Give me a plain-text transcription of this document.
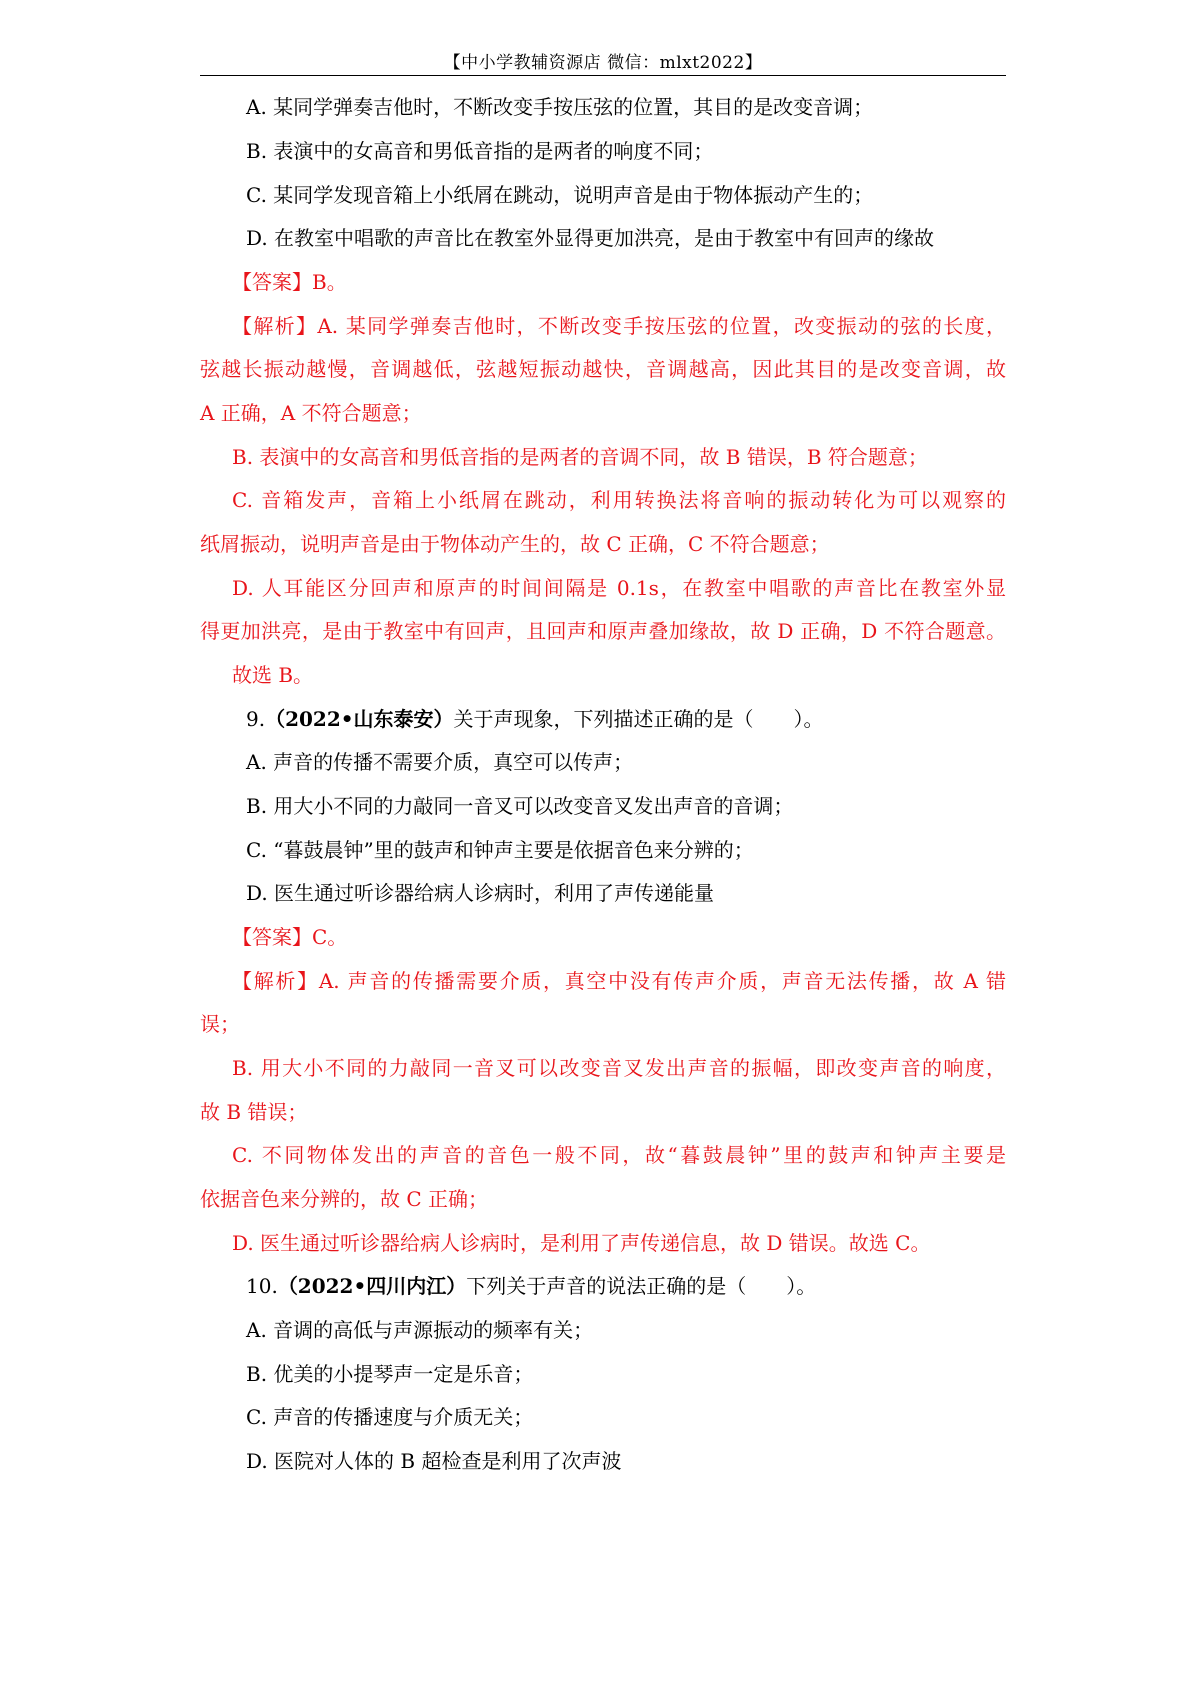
【中小学教辅资源店 微信：mlxt2022】
A. 某同学弹奏吉他时，不断改变手按压弦的位置，其目的是改变音调；
B. 表演中的女高音和男低音指的是两者的响度不同；
C. 某同学发现音箱上小纸屑在跳动，说明声音是由于物体振动产生的；
D. 在教室中唱歌的声音比在教室外显得更加洪亮，是由于教室中有回声的缘故
【答案】B。
【解析】A. 某同学弹奏吉他时，不断改变手按压弦的位置，改变振动的弦的长度，
弦越长振动越慢，音调越低，弦越短振动越快，音调越高，因此其目的是改变音调，故
A 正确，A 不符合题意；
B. 表演中的女高音和男低音指的是两者的音调不同，故 B 错误，B 符合题意；
C. 音箱发声，音箱上小纸屑在跳动，利用转换法将音响的振动转化为可以观察的
纸屑振动，说明声音是由于物体动产生的，故 C 正确，C 不符合题意；
D. 人耳能区分回声和原声的时间间隔是 0.1s，在教室中唱歌的声音比在教室外显
得更加洪亮，是由于教室中有回声，且回声和原声叠加缘故，故 D 正确，D 不符合题意。
故选 B。
9.（2022•山东泰安）关于声现象，下列描述正确的是（　　）。
A. 声音的传播不需要介质，真空可以传声；
B. 用大小不同的力敲同一音叉可以改变音叉发出声音的音调；
C. “暮鼓晨钟”里的鼓声和钟声主要是依据音色来分辨的；
D. 医生通过听诊器给病人诊病时，利用了声传递能量
【答案】C。
【解析】A. 声音的传播需要介质，真空中没有传声介质，声音无法传播，故 A 错
误；
B. 用大小不同的力敲同一音叉可以改变音叉发出声音的振幅，即改变声音的响度，
故 B 错误；
C. 不同物体发出的声音的音色一般不同，故“暮鼓晨钟”里的鼓声和钟声主要是
依据音色来分辨的，故 C 正确；
D. 医生通过听诊器给病人诊病时，是利用了声传递信息，故 D 错误。故选 C。
10.（2022•四川内江）下列关于声音的说法正确的是（　　）。
A. 音调的高低与声源振动的频率有关；
B. 优美的小提琴声一定是乐音；
C. 声音的传播速度与介质无关；
D. 医院对人体的 B 超检查是利用了次声波
